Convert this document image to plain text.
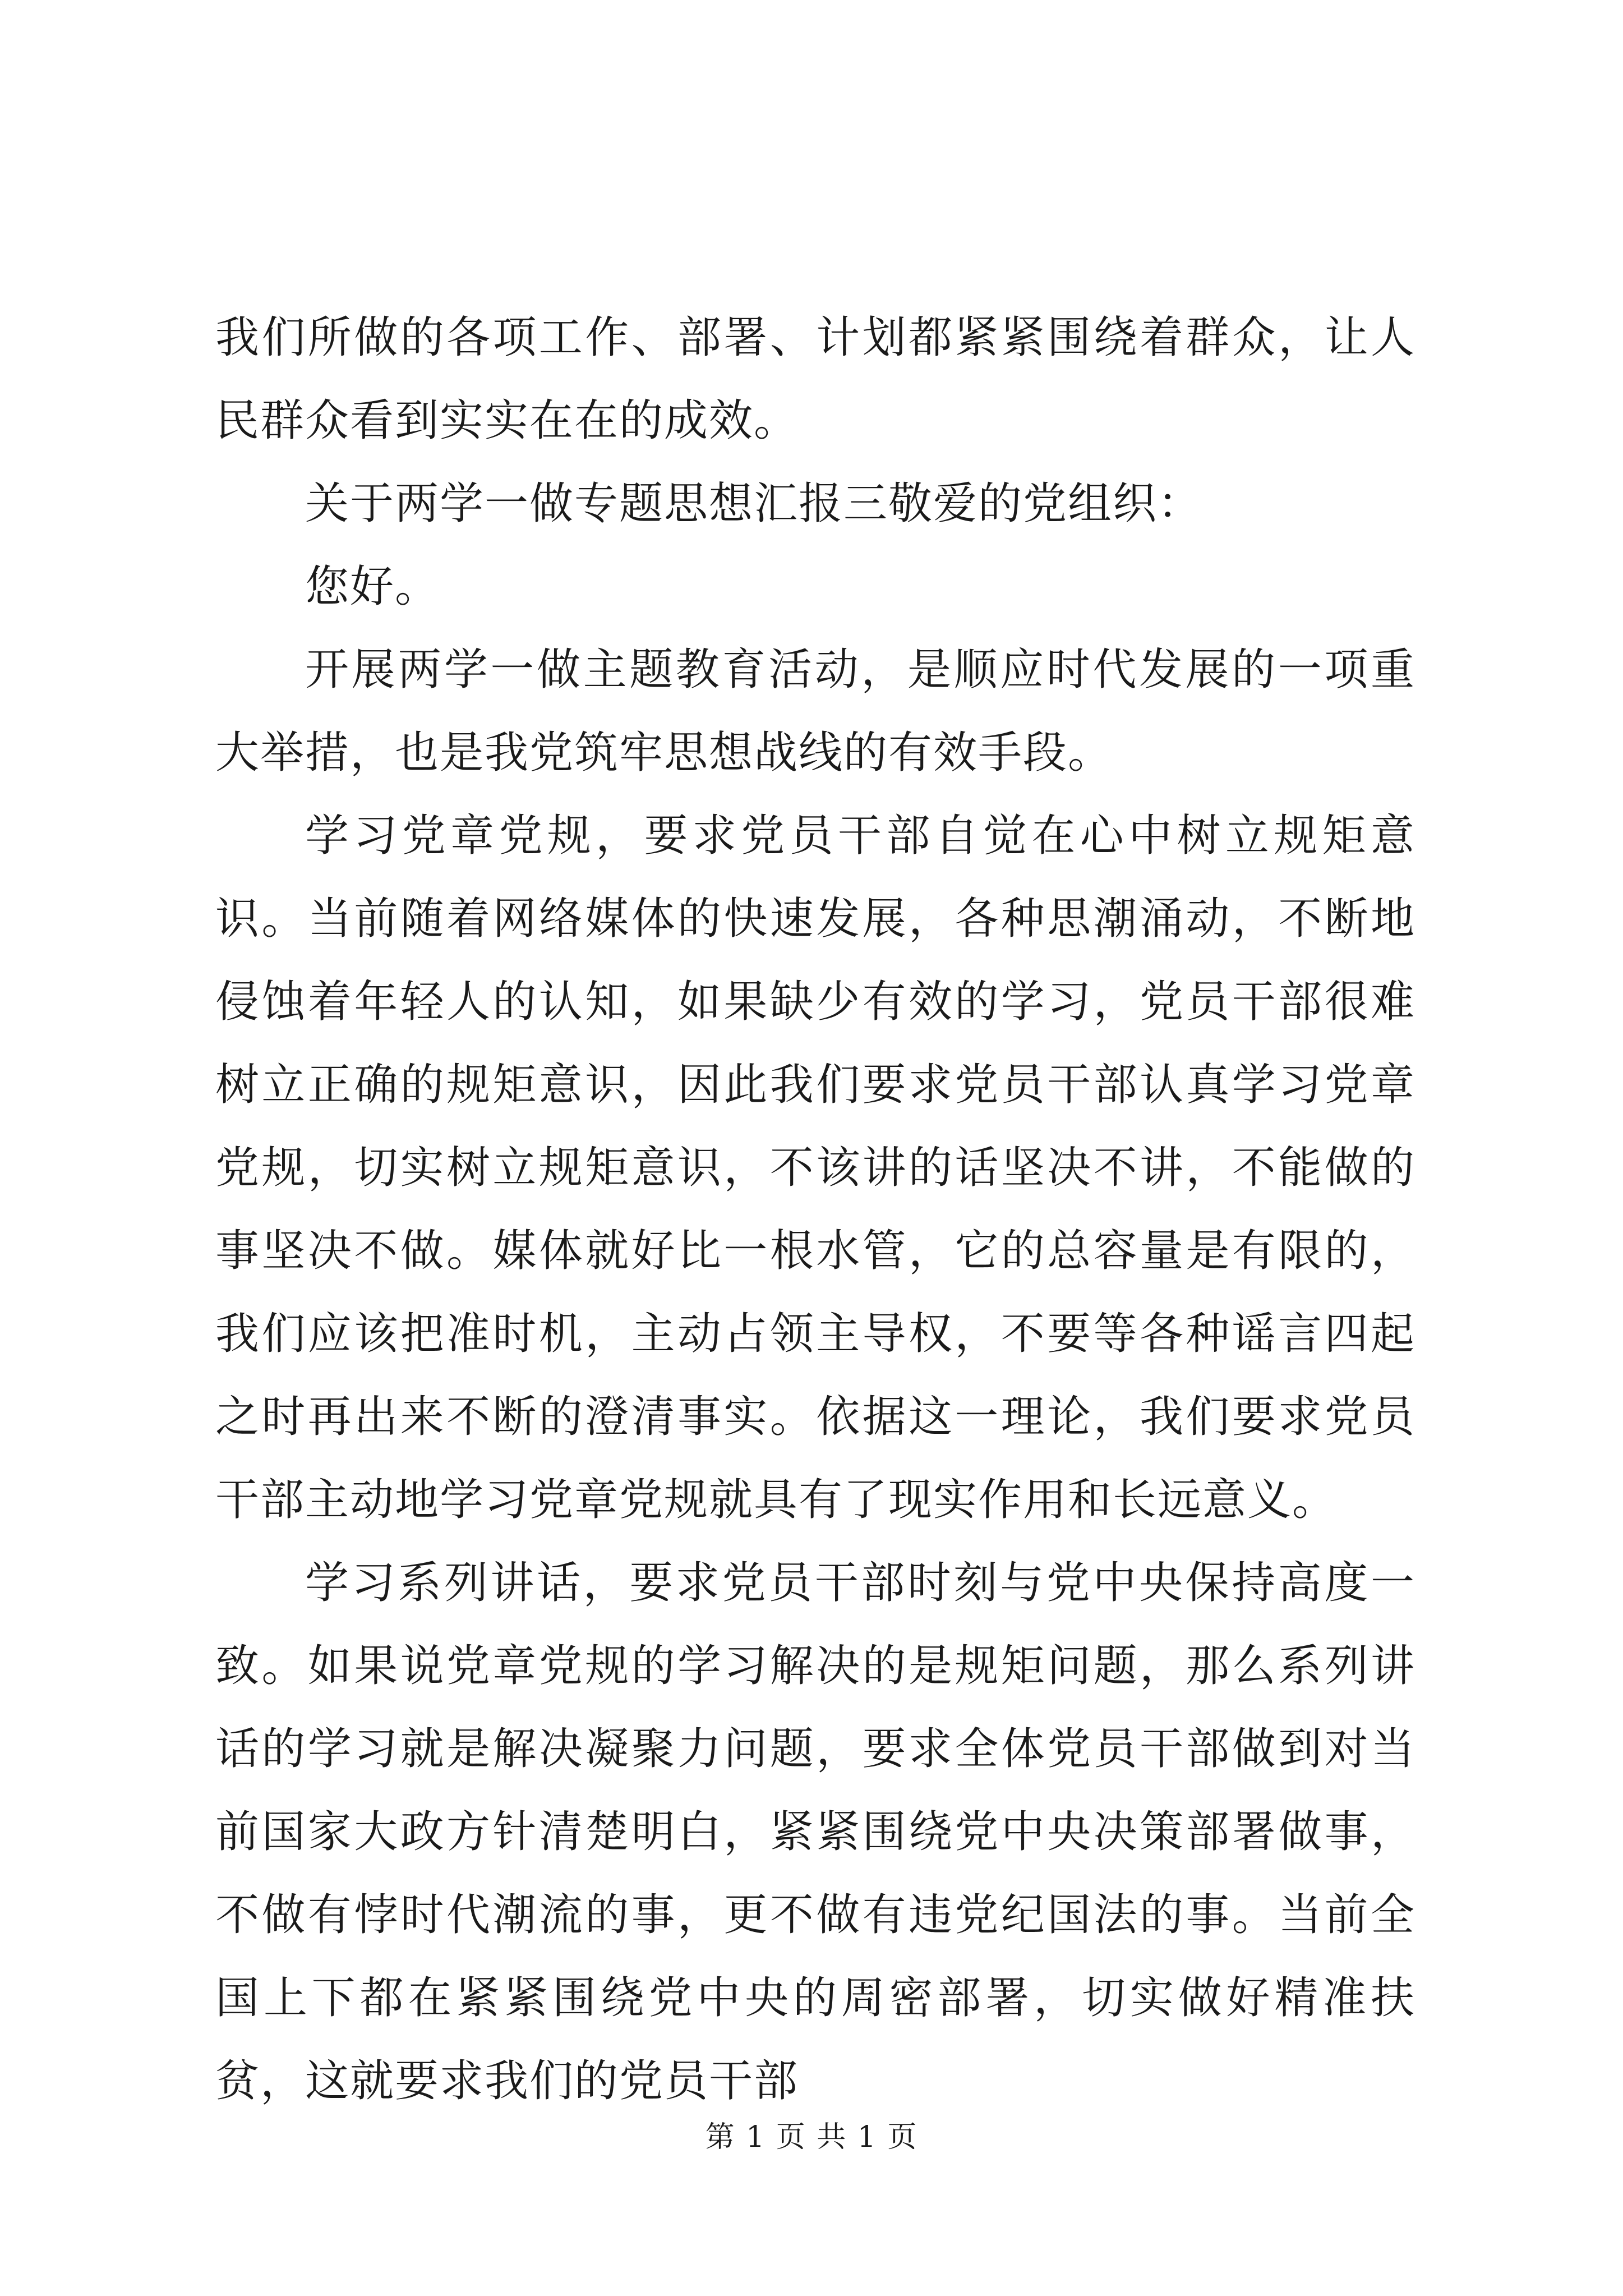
我们所做的各项工作、部署、计划都紧紧围绕着群众，让人民群众看到实实在在的成效。

关于两学一做专题思想汇报三敬爱的党组织：

您好。

开展两学一做主题教育活动，是顺应时代发展的一项重大举措，也是我党筑牢思想战线的有效手段。

学习党章党规，要求党员干部自觉在心中树立规矩意识。当前随着网络媒体的快速发展，各种思潮涌动，不断地侵蚀着年轻人的认知，如果缺少有效的学习，党员干部很难树立正确的规矩意识，因此我们要求党员干部认真学习党章党规，切实树立规矩意识，不该讲的话坚决不讲，不能做的事坚决不做。媒体就好比一根水管，它的总容量是有限的，我们应该把准时机，主动占领主导权，不要等各种谣言四起之时再出来不断的澄清事实。依据这一理论，我们要求党员干部主动地学习党章党规就具有了现实作用和长远意义。

学习系列讲话，要求党员干部时刻与党中央保持高度一致。如果说党章党规的学习解决的是规矩问题，那么系列讲话的学习就是解决凝聚力问题，要求全体党员干部做到对当前国家大政方针清楚明白，紧紧围绕党中央决策部署做事，不做有悖时代潮流的事，更不做有违党纪国法的事。当前全国上下都在紧紧围绕党中央的周密部署，切实做好精准扶贫，这就要求我们的党员干部

第 1 页 共 1 页
